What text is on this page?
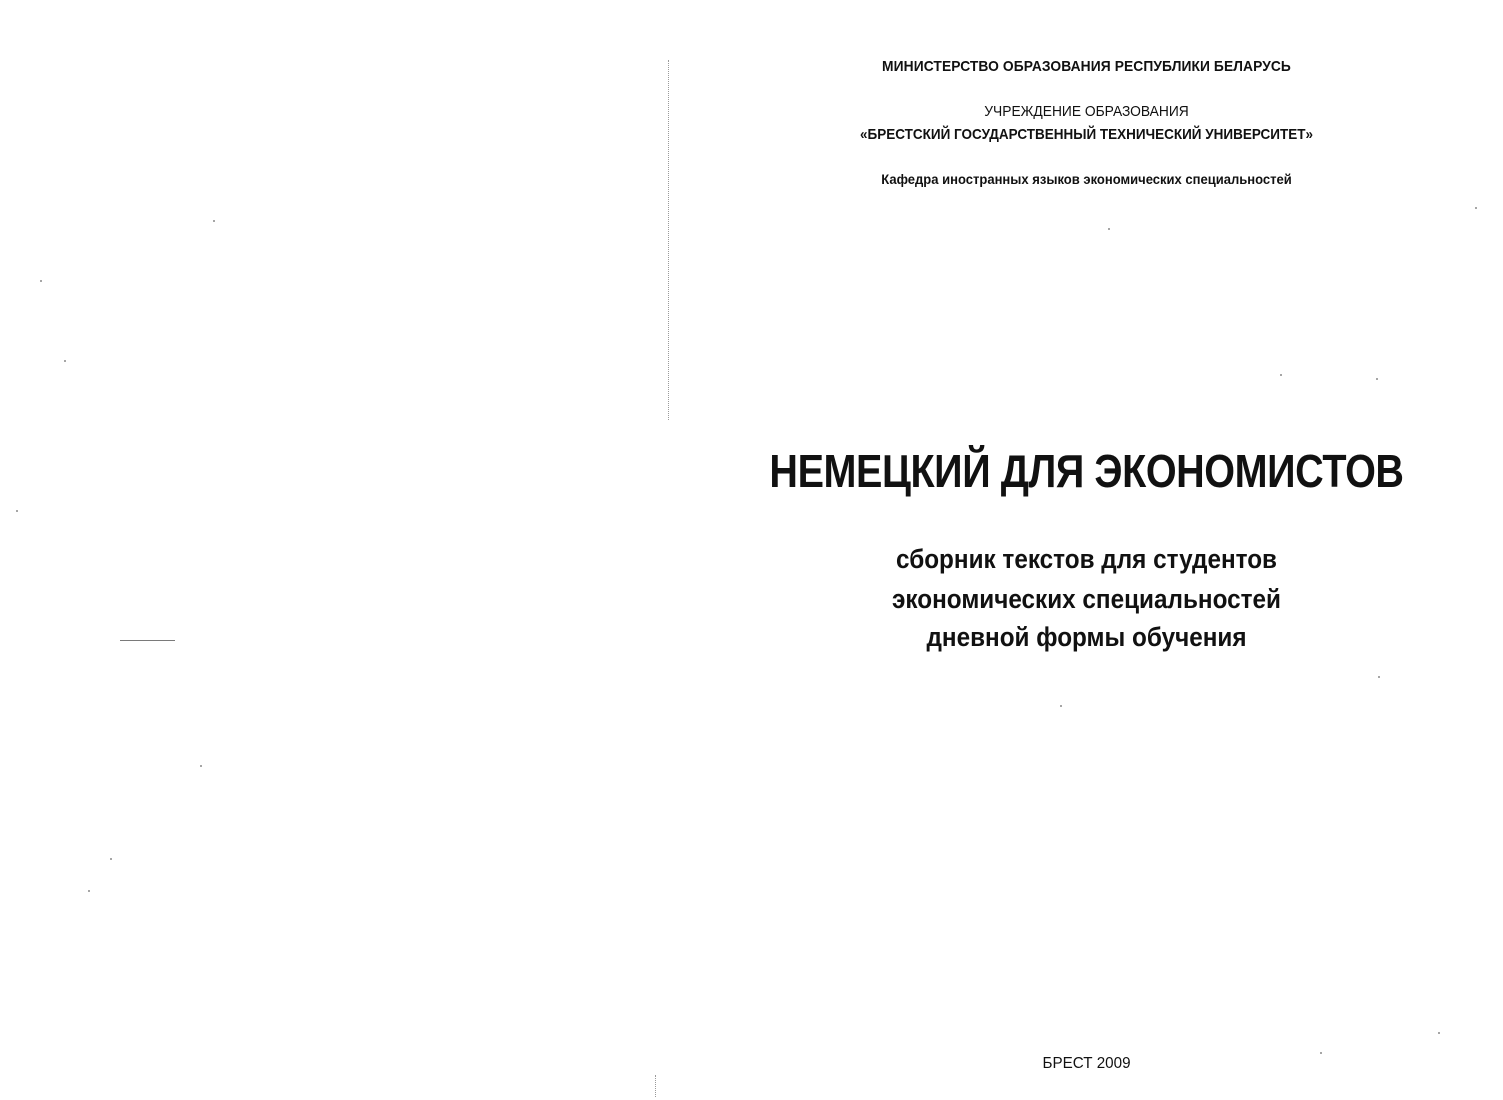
МИНИСТЕРСТВО ОБРАЗОВАНИЯ РЕСПУБЛИКИ БЕЛАРУСЬ
УЧРЕЖДЕНИЕ ОБРАЗОВАНИЯ
«БРЕСТСКИЙ ГОСУДАРСТВЕННЫЙ ТЕХНИЧЕСКИЙ УНИВЕРСИТЕТ»
Кафедра иностранных языков экономических специальностей
НЕМЕЦКИЙ ДЛЯ ЭКОНОМИСТОВ
сборник текстов для студентов
экономических специальностей
дневной формы обучения
БРЕСТ 2009
